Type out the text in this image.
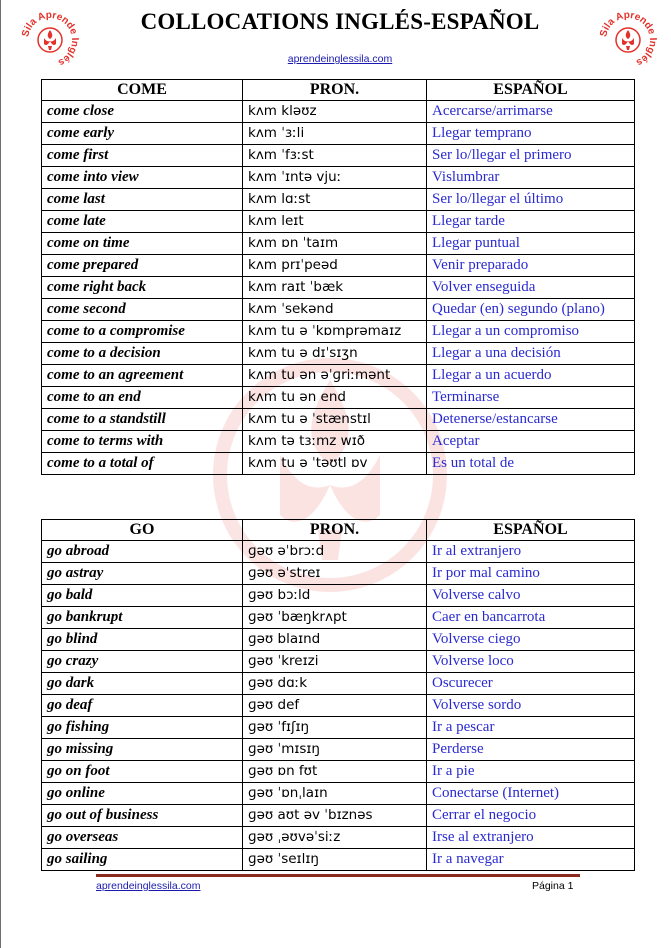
Sila Aprende Inglés
Sila Aprende Inglés
COLLOCATIONS INGLÉS-ESPAÑOL
aprendeinglessila.com
COME	PRON.	ESPAÑOL
come close	kʌm kləʊz	Acercarse/arrimarse
come early	kʌm ˈɜːli	Llegar temprano
come first	kʌm ˈfɜːst	Ser lo/llegar el primero
come into view	kʌm ˈɪntə vjuː	Vislumbrar
come last	kʌm lɑːst	Ser lo/llegar el último
come late	kʌm leɪt	Llegar tarde
come on time	kʌm ɒn ˈtaɪm	Llegar puntual
come prepared	kʌm prɪˈpeəd	Venir preparado
come right back	kʌm raɪt ˈbæk	Volver enseguida
come second	kʌm ˈsekənd	Quedar (en) segundo (plano)
come to a compromise	kʌm tu ə ˈkɒmprəmaɪz	Llegar a un compromiso
come to a decision	kʌm tu ə dɪˈsɪʒn	Llegar a una decisión
come to an agreement	kʌm tu ən əˈɡriːmənt	Llegar a un acuerdo
come to an end	kʌm tu ən end	Terminarse
come to a standstill	kʌm tu ə ˈstænstɪl	Detenerse/estancarse
come to terms with	kʌm tə tɜːmz wɪð	Aceptar
come to a total of	kʌm tu ə ˈtəʊtl ɒv	Es un total de
GO	PRON.	ESPAÑOL
go abroad	ɡəʊ əˈbrɔːd	Ir al extranjero
go astray	ɡəʊ əˈstreɪ	Ir por mal camino
go bald	ɡəʊ bɔːld	Volverse calvo
go bankrupt	ɡəʊ ˈbæŋkrʌpt	Caer en bancarrota
go blind	ɡəʊ blaɪnd	Volverse ciego
go crazy	ɡəʊ ˈkreɪzi	Volverse loco
go dark	ɡəʊ dɑːk	Oscurecer
go deaf	ɡəʊ def	Volverse sordo
go fishing	ɡəʊ ˈfɪʃɪŋ	Ir a pescar
go missing	ɡəʊ ˈmɪsɪŋ	Perderse
go on foot	ɡəʊ ɒn fʊt	Ir a pie
go online	ɡəʊ ˈɒnˌlaɪn	Conectarse (Internet)
go out of business	ɡəʊ aʊt əv ˈbɪznəs	Cerrar el negocio
go overseas	ɡəʊ ˌəʊvəˈsiːz	Irse al extranjero
go sailing	ɡəʊ ˈseɪlɪŋ	Ir a navegar
aprendeinglessila.com	Página 1
